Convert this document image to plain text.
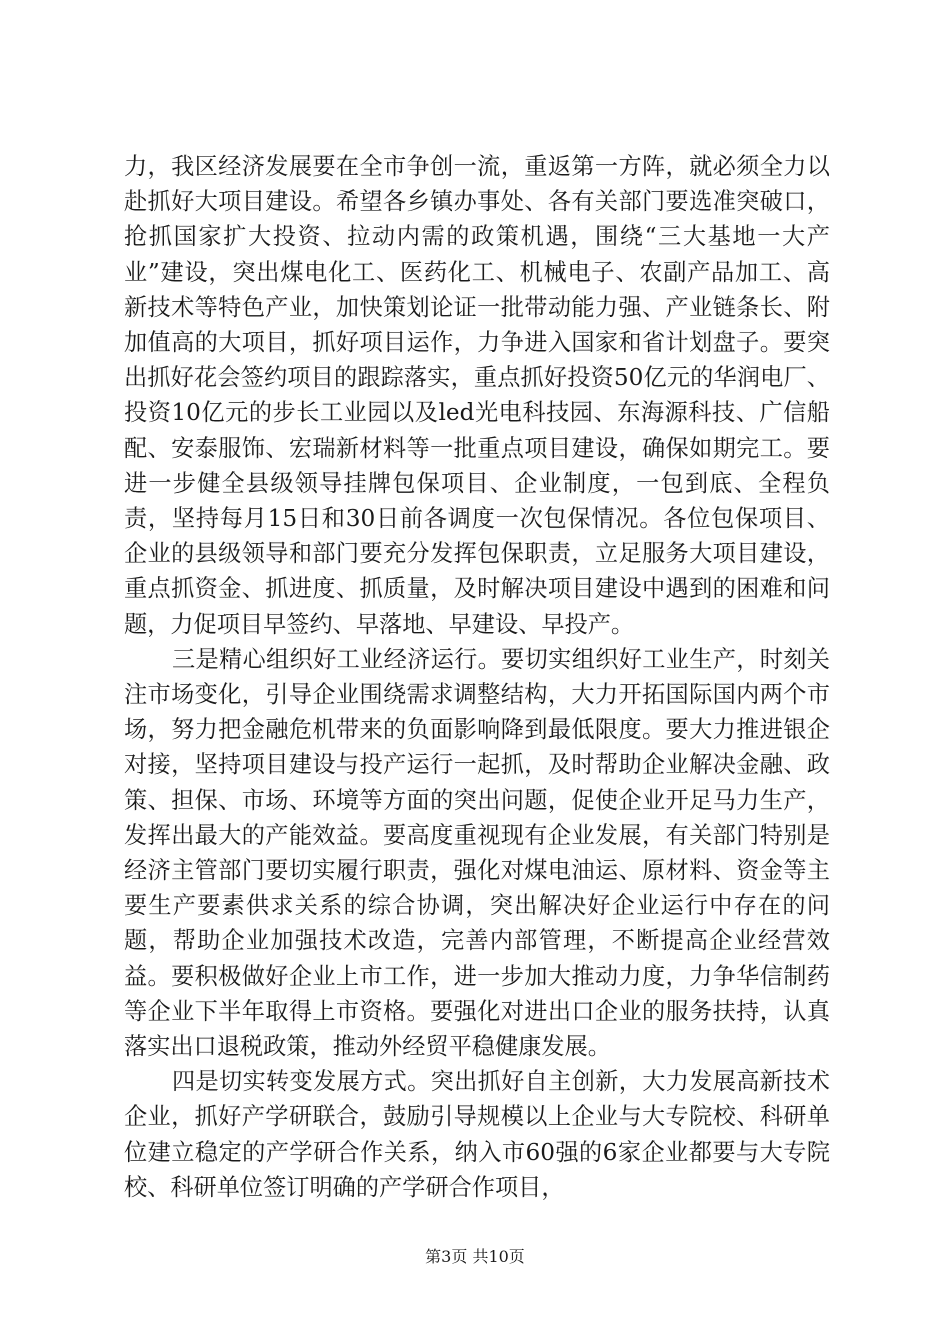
力，我区经济发展要在全市争创一流，重返第一方阵，就必须全力以赴抓好大项目建设。希望各乡镇办事处、各有关部门要选准突破口，抢抓国家扩大投资、拉动内需的政策机遇，围绕“三大基地一大产业”建设，突出煤电化工、医药化工、机械电子、农副产品加工、高新技术等特色产业，加快策划论证一批带动能力强、产业链条长、附加值高的大项目，抓好项目运作，力争进入国家和省计划盘子。要突出抓好花会签约项目的跟踪落实，重点抓好投资50亿元的华润电厂、投资10亿元的步长工业园以及led光电科技园、东海源科技、广信船配、安泰服饰、宏瑞新材料等一批重点项目建设，确保如期完工。要进一步健全县级领导挂牌包保项目、企业制度，一包到底、全程负责，坚持每月15日和30日前各调度一次包保情况。各位包保项目、企业的县级领导和部门要充分发挥包保职责，立足服务大项目建设，重点抓资金、抓进度、抓质量，及时解决项目建设中遇到的困难和问题，力促项目早签约、早落地、早建设、早投产。

三是精心组织好工业经济运行。要切实组织好工业生产，时刻关注市场变化，引导企业围绕需求调整结构，大力开拓国际国内两个市场，努力把金融危机带来的负面影响降到最低限度。要大力推进银企对接，坚持项目建设与投产运行一起抓，及时帮助企业解决金融、政策、担保、市场、环境等方面的突出问题，促使企业开足马力生产，发挥出最大的产能效益。要高度重视现有企业发展，有关部门特别是经济主管部门要切实履行职责，强化对煤电油运、原材料、资金等主要生产要素供求关系的综合协调，突出解决好企业运行中存在的问题，帮助企业加强技术改造，完善内部管理，不断提高企业经营效益。要积极做好企业上市工作，进一步加大推动力度，力争华信制药等企业下半年取得上市资格。要强化对进出口企业的服务扶持，认真落实出口退税政策，推动外经贸平稳健康发展。

四是切实转变发展方式。突出抓好自主创新，大力发展高新技术企业，抓好产学研联合，鼓励引导规模以上企业与大专院校、科研单位建立稳定的产学研合作关系，纳入市60强的6家企业都要与大专院校、科研单位签订明确的产学研合作项目，

第3页 共10页
